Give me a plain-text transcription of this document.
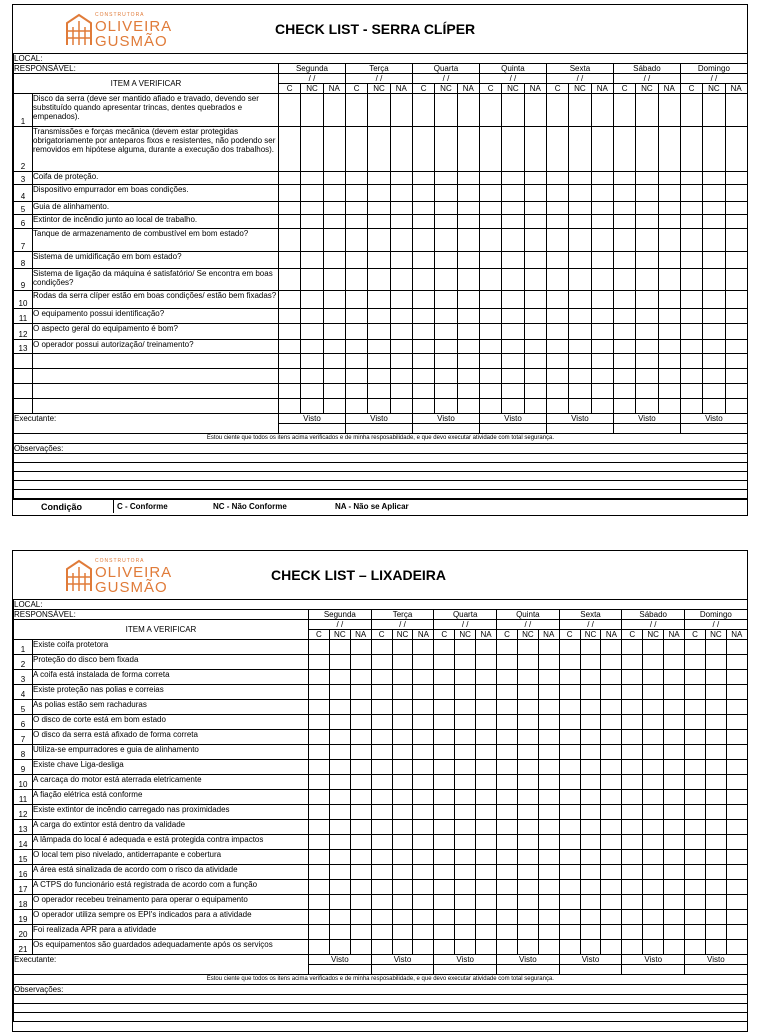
CONSTRUTORA
OLIVEIRA
GUSMÃO
CHECK LIST - SERRA CLÍPER
LOCAL:																						
RESPONSÁVEL:		Segunda			Terça			Quarta			Quinta			Sexta			Sábado			Domingo		
ITEM A VERIFICAR		/ /			/ /			/ /			/ /			/ /			/ /			/ /		
		C	NC	NA	C	NC	NA	C	NC	NA	C	NC	NA	C	NC	NA	C	NC	NA	C	NC	NA
1	Disco da serra (deve ser mantido afiado e travado, devendo ser substituído quando apresentar trincas, dentes quebrados e empenados).																					
2	Transmissões e forças mecânica (devem estar protegidas obrigatoriamente por anteparos fixos e resistentes, não podendo ser removidos em hipótese alguma, durante a execução dos trabalhos).																					
3	Coifa de proteção.																					
4	Dispositivo empurrador em boas condições.																					
5	Guia de alinhamento.																					
6	Extintor de incêndio junto ao local de trabalho.																					
7	Tanque de armazenamento de combustível em bom estado?																					
8	Sistema de umidificação em bom estado?																					
9	Sistema de ligação da máquina é satisfatório/ Se encontra em boas condições?																					
10	Rodas da serra clíper estão em boas condições/ estão bem fixadas?																					
11	O equipamento possui identificação?																					
12	O aspecto geral do equipamento é bom?																					
13	O operador possui autorização/ treinamento?																					

Executante:		Visto			Visto			Visto			Visto			Visto			Visto			Visto		

Estou ciente que todos os itens acima verificados e de minha resposabilidade, e que devo executar atividade com total segurança.																						
Observações:																						

Condição	C - Conforme	NC - Não Conforme	NA - Não se Aplicar
CONSTRUTORA
OLIVEIRA
GUSMÃO
CHECK LIST – LIXADEIRA
LOCAL:																						
RESPONSÁVEL:		Segunda			Terça			Quarta			Quinta			Sexta			Sábado			Domingo		
ITEM A VERIFICAR		/ /			/ /			/ /			/ /			/ /			/ /			/ /		
		C	NC	NA	C	NC	NA	C	NC	NA	C	NC	NA	C	NC	NA	C	NC	NA	C	NC	NA
1	Existe coifa protetora																					
2	Proteção do disco bem fixada																					
3	A coifa está instalada de forma correta																					
4	Existe proteção nas polias e correias																					
5	As polias estão sem rachaduras																					
6	O disco de corte está em bom estado																					
7	O disco da serra está afixado de forma correta																					
8	Utiliza-se empurradores e guia de alinhamento																					
9	Existe chave Liga-desliga																					
10	A carcaça do motor está aterrada eletricamente																					
11	A fiação elétrica está conforme																					
12	Existe extintor de incêndio carregado nas proximidades																					
13	A carga do extintor está dentro da validade																					
14	A lâmpada do local é adequada e está protegida contra impactos																					
15	O local tem piso nivelado, antiderrapante e cobertura																					
16	A área está sinalizada de acordo com o risco da atividade																					
17	A CTPS do funcionário está registrada de acordo com a função																					
18	O operador recebeu treinamento para operar o equipamento																					
19	O operador utiliza sempre os EPI's indicados para a atividade																					
20	Foi realizada APR para a atividade																					
21	Os equipamentos são guardados adequadamente após os serviços																					
Executante:		Visto			Visto			Visto			Visto			Visto			Visto			Visto		

Estou ciente que todos os itens acima verificados e de minha resposabilidade, e que devo executar atividade com total segurança.																						
Observações:																						
